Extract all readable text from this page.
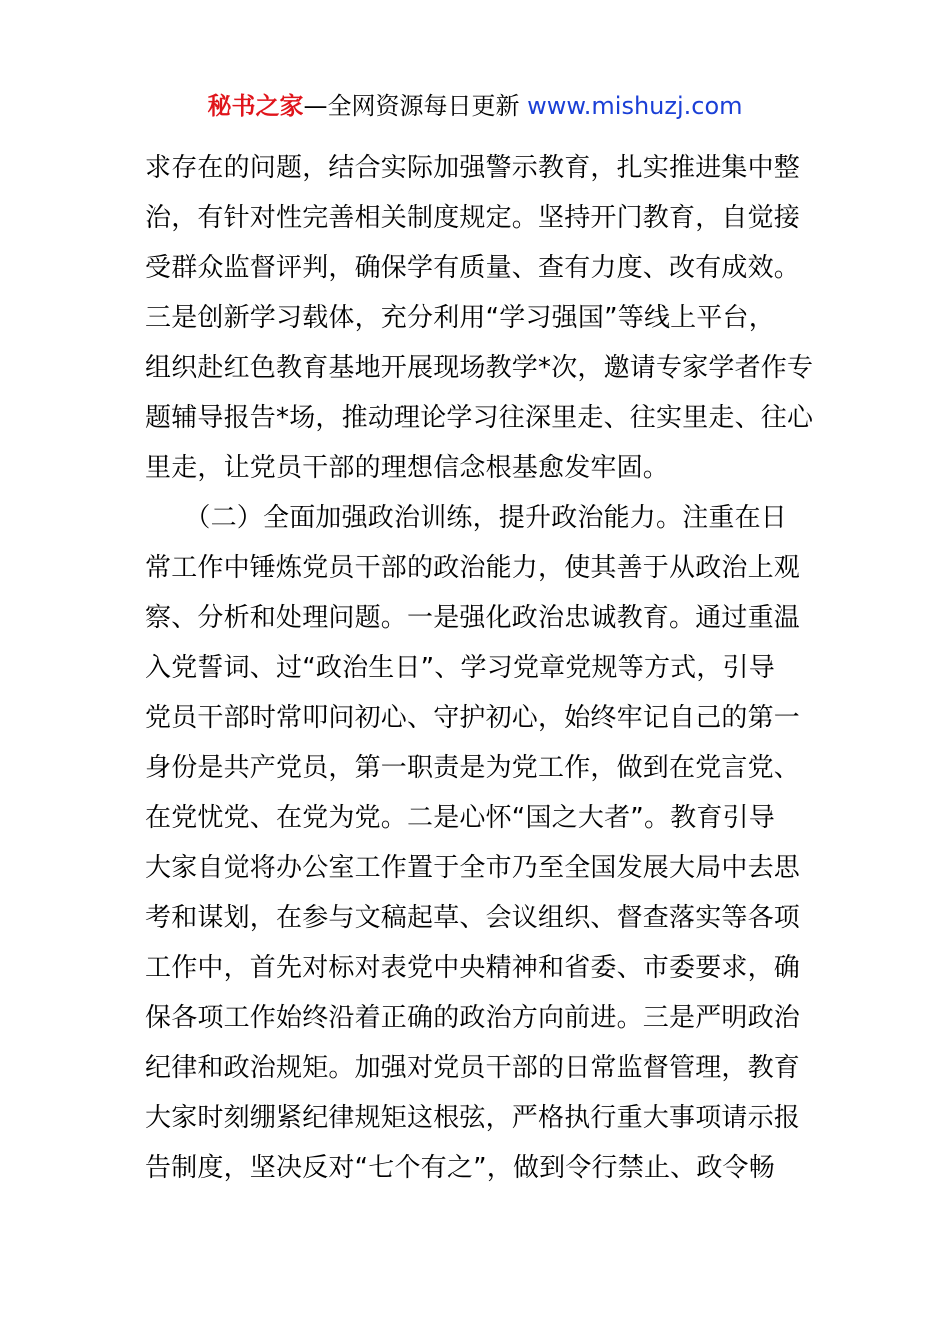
秘书之家—全网资源每日更新 www.mishuzj.com
求存在的问题，结合实际加强警示教育，扎实推进集中整
治，有针对性完善相关制度规定。坚持开门教育，自觉接
受群众监督评判，确保学有质量、查有力度、改有成效。
三是创新学习载体，充分利用“学习强国”等线上平台，
组织赴红色教育基地开展现场教学*次，邀请专家学者作专
题辅导报告*场，推动理论学习往深里走、往实里走、往心
里走，让党员干部的理想信念根基愈发牢固。
　　（二）全面加强政治训练，提升政治能力。注重在日
常工作中锤炼党员干部的政治能力，使其善于从政治上观
察、分析和处理问题。一是强化政治忠诚教育。通过重温
入党誓词、过“政治生日”、学习党章党规等方式，引导
党员干部时常叩问初心、守护初心，始终牢记自己的第一
身份是共产党员，第一职责是为党工作，做到在党言党、
在党忧党、在党为党。二是心怀“国之大者”。教育引导
大家自觉将办公室工作置于全市乃至全国发展大局中去思
考和谋划，在参与文稿起草、会议组织、督查落实等各项
工作中，首先对标对表党中央精神和省委、市委要求，确
保各项工作始终沿着正确的政治方向前进。三是严明政治
纪律和政治规矩。加强对党员干部的日常监督管理，教育
大家时刻绷紧纪律规矩这根弦，严格执行重大事项请示报
告制度，坚决反对“七个有之”，做到令行禁止、政令畅
